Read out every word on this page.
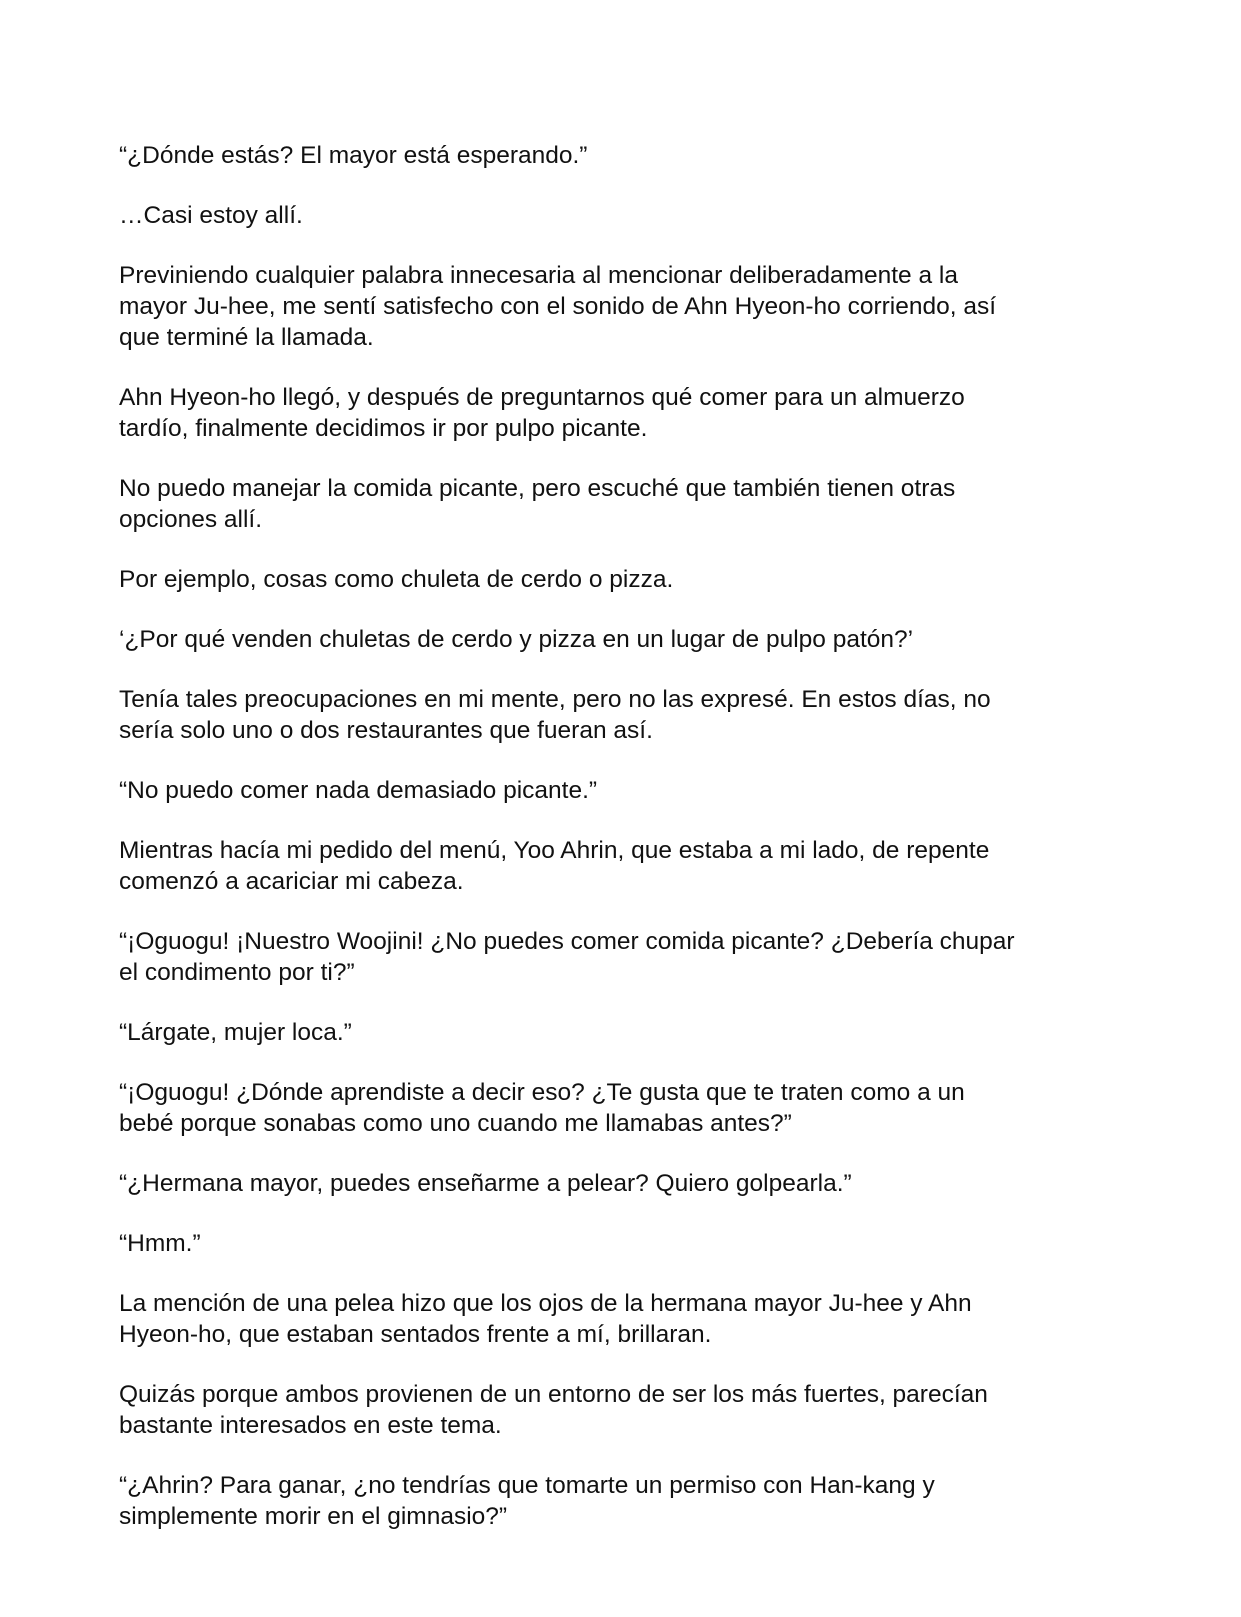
“¿Dónde estás? El mayor está esperando.”

…Casi estoy allí.

Previniendo cualquier palabra innecesaria al mencionar deliberadamente a la
mayor Ju-hee, me sentí satisfecho con el sonido de Ahn Hyeon-ho corriendo, así
que terminé la llamada.

Ahn Hyeon-ho llegó, y después de preguntarnos qué comer para un almuerzo
tardío, finalmente decidimos ir por pulpo picante.

No puedo manejar la comida picante, pero escuché que también tienen otras
opciones allí.

Por ejemplo, cosas como chuleta de cerdo o pizza.

‘¿Por qué venden chuletas de cerdo y pizza en un lugar de pulpo patón?’

Tenía tales preocupaciones en mi mente, pero no las expresé. En estos días, no
sería solo uno o dos restaurantes que fueran así.

“No puedo comer nada demasiado picante.”

Mientras hacía mi pedido del menú, Yoo Ahrin, que estaba a mi lado, de repente
comenzó a acariciar mi cabeza.

“¡Oguogu! ¡Nuestro Woojini! ¿No puedes comer comida picante? ¿Debería chupar
el condimento por ti?”

“Lárgate, mujer loca.”

“¡Oguogu! ¿Dónde aprendiste a decir eso? ¿Te gusta que te traten como a un
bebé porque sonabas como uno cuando me llamabas antes?”

“¿Hermana mayor, puedes enseñarme a pelear? Quiero golpearla.”

“Hmm.”

La mención de una pelea hizo que los ojos de la hermana mayor Ju-hee y Ahn
Hyeon-ho, que estaban sentados frente a mí, brillaran.

Quizás porque ambos provienen de un entorno de ser los más fuertes, parecían
bastante interesados en este tema.

“¿Ahrin? Para ganar, ¿no tendrías que tomarte un permiso con Han-kang y
simplemente morir en el gimnasio?”
